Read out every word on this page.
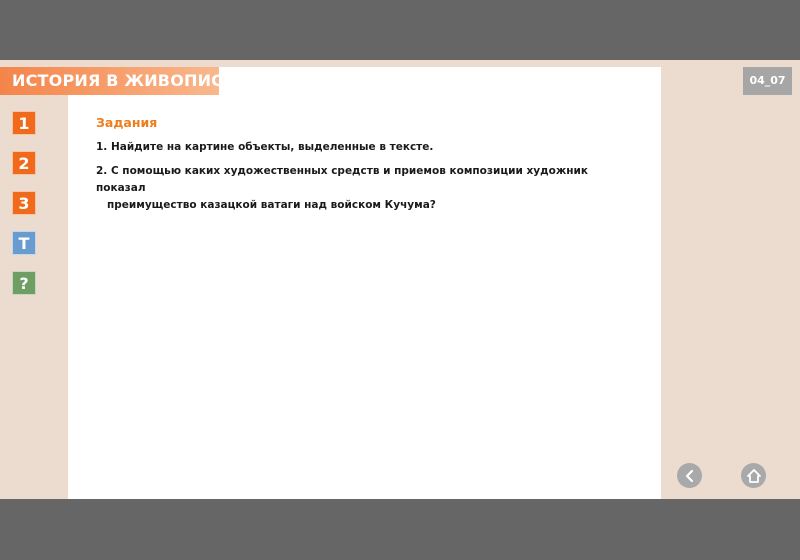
Задания
1. Найдите на картине объекты, выделенные в тексте.
2. С помощью каких художественных средств и приемов композиции художник показал
преимущество казацкой ватаги над войском Кучума?
ИСТОРИЯ В ЖИВОПИСИ	04_07
1
2
3
Т
?
